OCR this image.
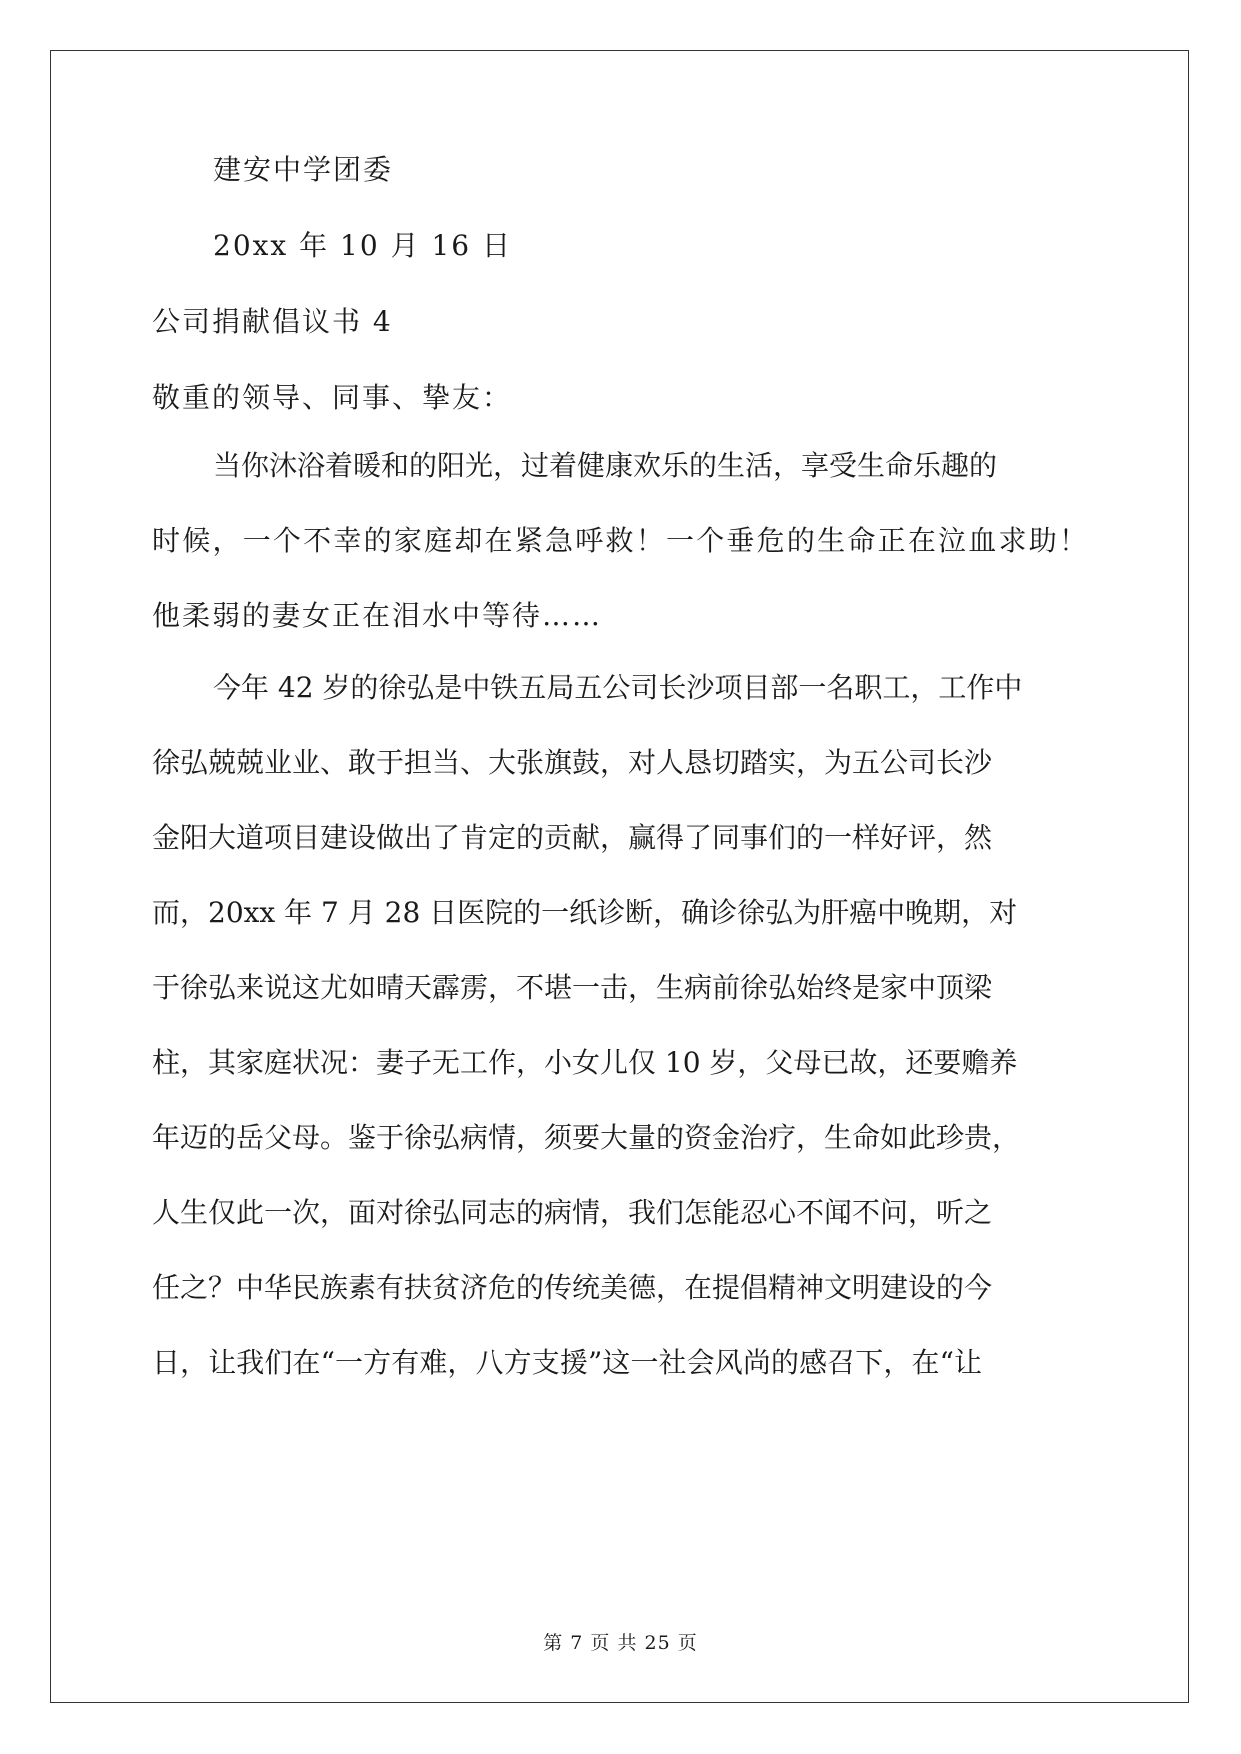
建安中学团委
20xx 年 10 月 16 日
公司捐献倡议书 4
敬重的领导、同事、挚友：
当你沐浴着暖和的阳光，过着健康欢乐的生活，享受生命乐趣的
时候，一个不幸的家庭却在紧急呼救！一个垂危的生命正在泣血求助！
他柔弱的妻女正在泪水中等待……
今年 42 岁的徐弘是中铁五局五公司长沙项目部一名职工，工作中
徐弘兢兢业业、敢于担当、大张旗鼓，对人恳切踏实，为五公司长沙
金阳大道项目建设做出了肯定的贡献，赢得了同事们的一样好评，然
而，20xx 年 7 月 28 日医院的一纸诊断，确诊徐弘为肝癌中晚期，对
于徐弘来说这尤如晴天霹雳，不堪一击，生病前徐弘始终是家中顶梁
柱，其家庭状况：妻子无工作，小女儿仅 10 岁，父母已故，还要赡养
年迈的岳父母。鉴于徐弘病情，须要大量的资金治疗，生命如此珍贵，
人生仅此一次，面对徐弘同志的病情，我们怎能忍心不闻不问，听之
任之？中华民族素有扶贫济危的传统美德，在提倡精神文明建设的今
日，让我们在“一方有难，八方支援”这一社会风尚的感召下，在“让
第 7 页 共 25 页
